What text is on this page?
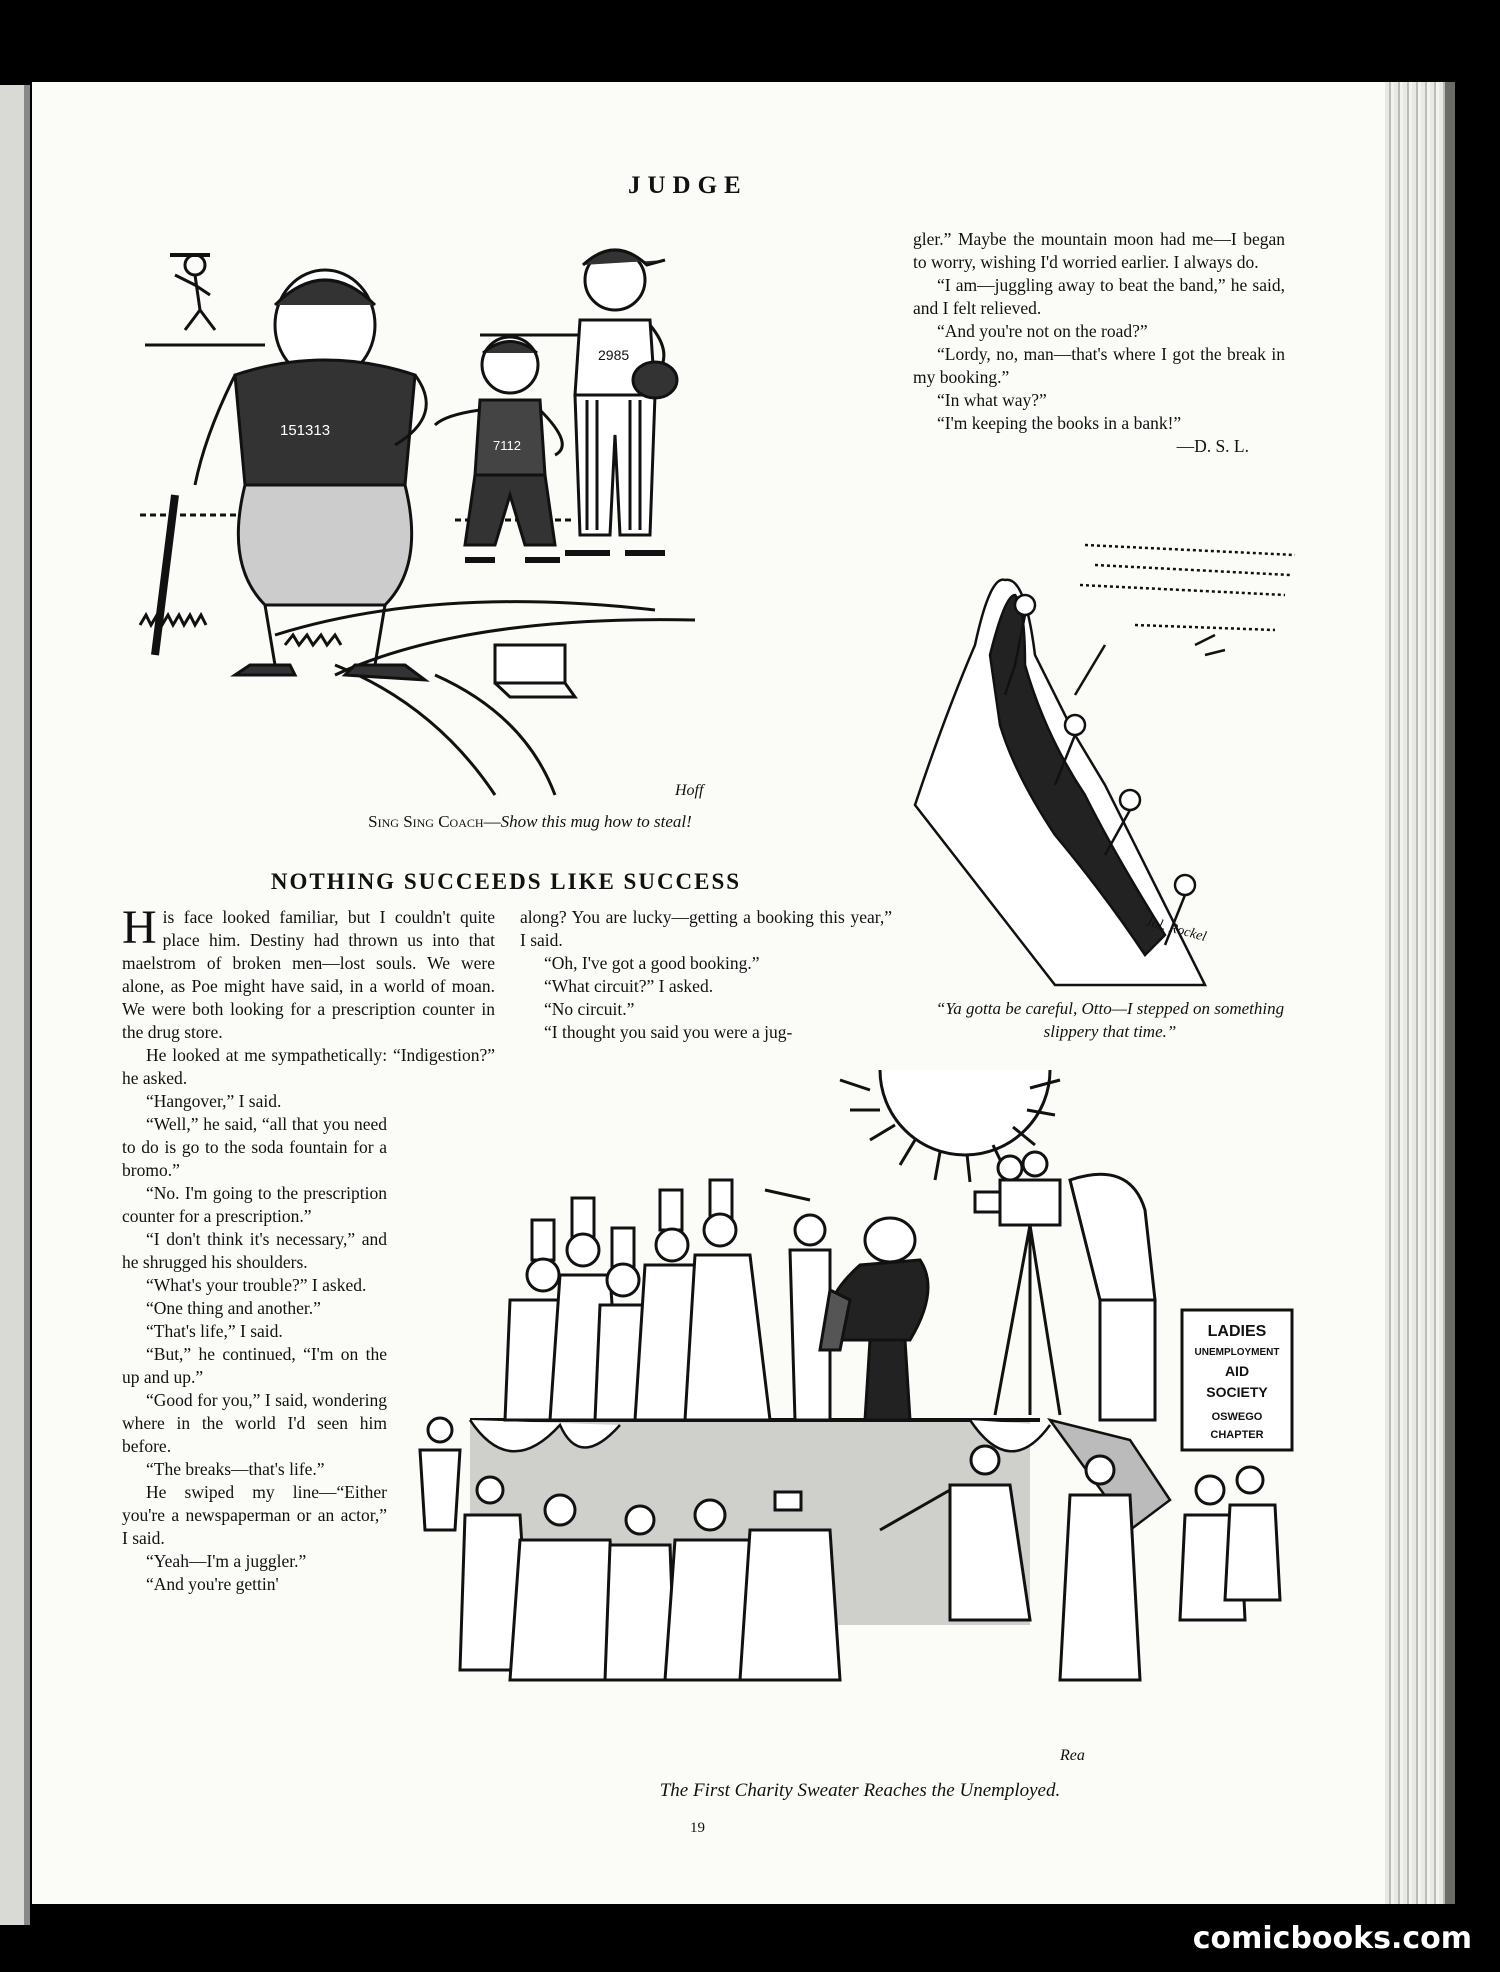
JUDGE
151313
7112
2985
Hoff
Sing Sing Coach—Show this mug how to steal!

gler.” Maybe the mountain moon had me—I began to worry, wishing I'd worried earlier. I always do.

“I am—juggling away to beat the band,” he said, and I felt relieved.

“And you're not on the road?”

“Lordy, no, man—that's where I got the break in my booking.”

“In what way?”

“I'm keeping the books in a bank!”

—D. S. L.
Jol. Rockel
“Ya gotta be careful, Otto—I stepped on something slippery that time.”
NOTHING SUCCEEDS LIKE SUCCESS

His face looked familiar, but I couldn't quite place him. Destiny had thrown us into that maelstrom of broken men—lost souls. We were alone, as Poe might have said, in a world of moan. We were both looking for a prescription counter in the drug store.

He looked at me sympathetically: “Indigestion?” he asked.

“Hangover,” I said.

“Well,” he said, “all that you need to do is go to the soda fountain for a bromo.”

“No. I'm going to the prescription counter for a prescription.”

“I don't think it's necessary,” and he shrugged his shoulders.

“What's your trouble?” I asked.

“One thing and another.”

“That's life,” I said.

“But,” he continued, “I'm on the up and up.”

“Good for you,” I said, wondering where in the world I'd seen him before.

“The breaks—that's life.”

He swiped my line—“Either you're a newspaperman or an actor,” I said.

“Yeah—I'm a juggler.”

“And you're gettin'

along? You are lucky—getting a booking this year,” I said.

“Oh, I've got a good booking.”

“What circuit?” I asked.

“No circuit.”

“I thought you said you were a jug-

LADIES
UNEMPLOYMENT
AID
SOCIETY
OSWEGO
CHAPTER
Rea
The First Charity Sweater Reaches the Unemployed.
19
comicbooks.com
